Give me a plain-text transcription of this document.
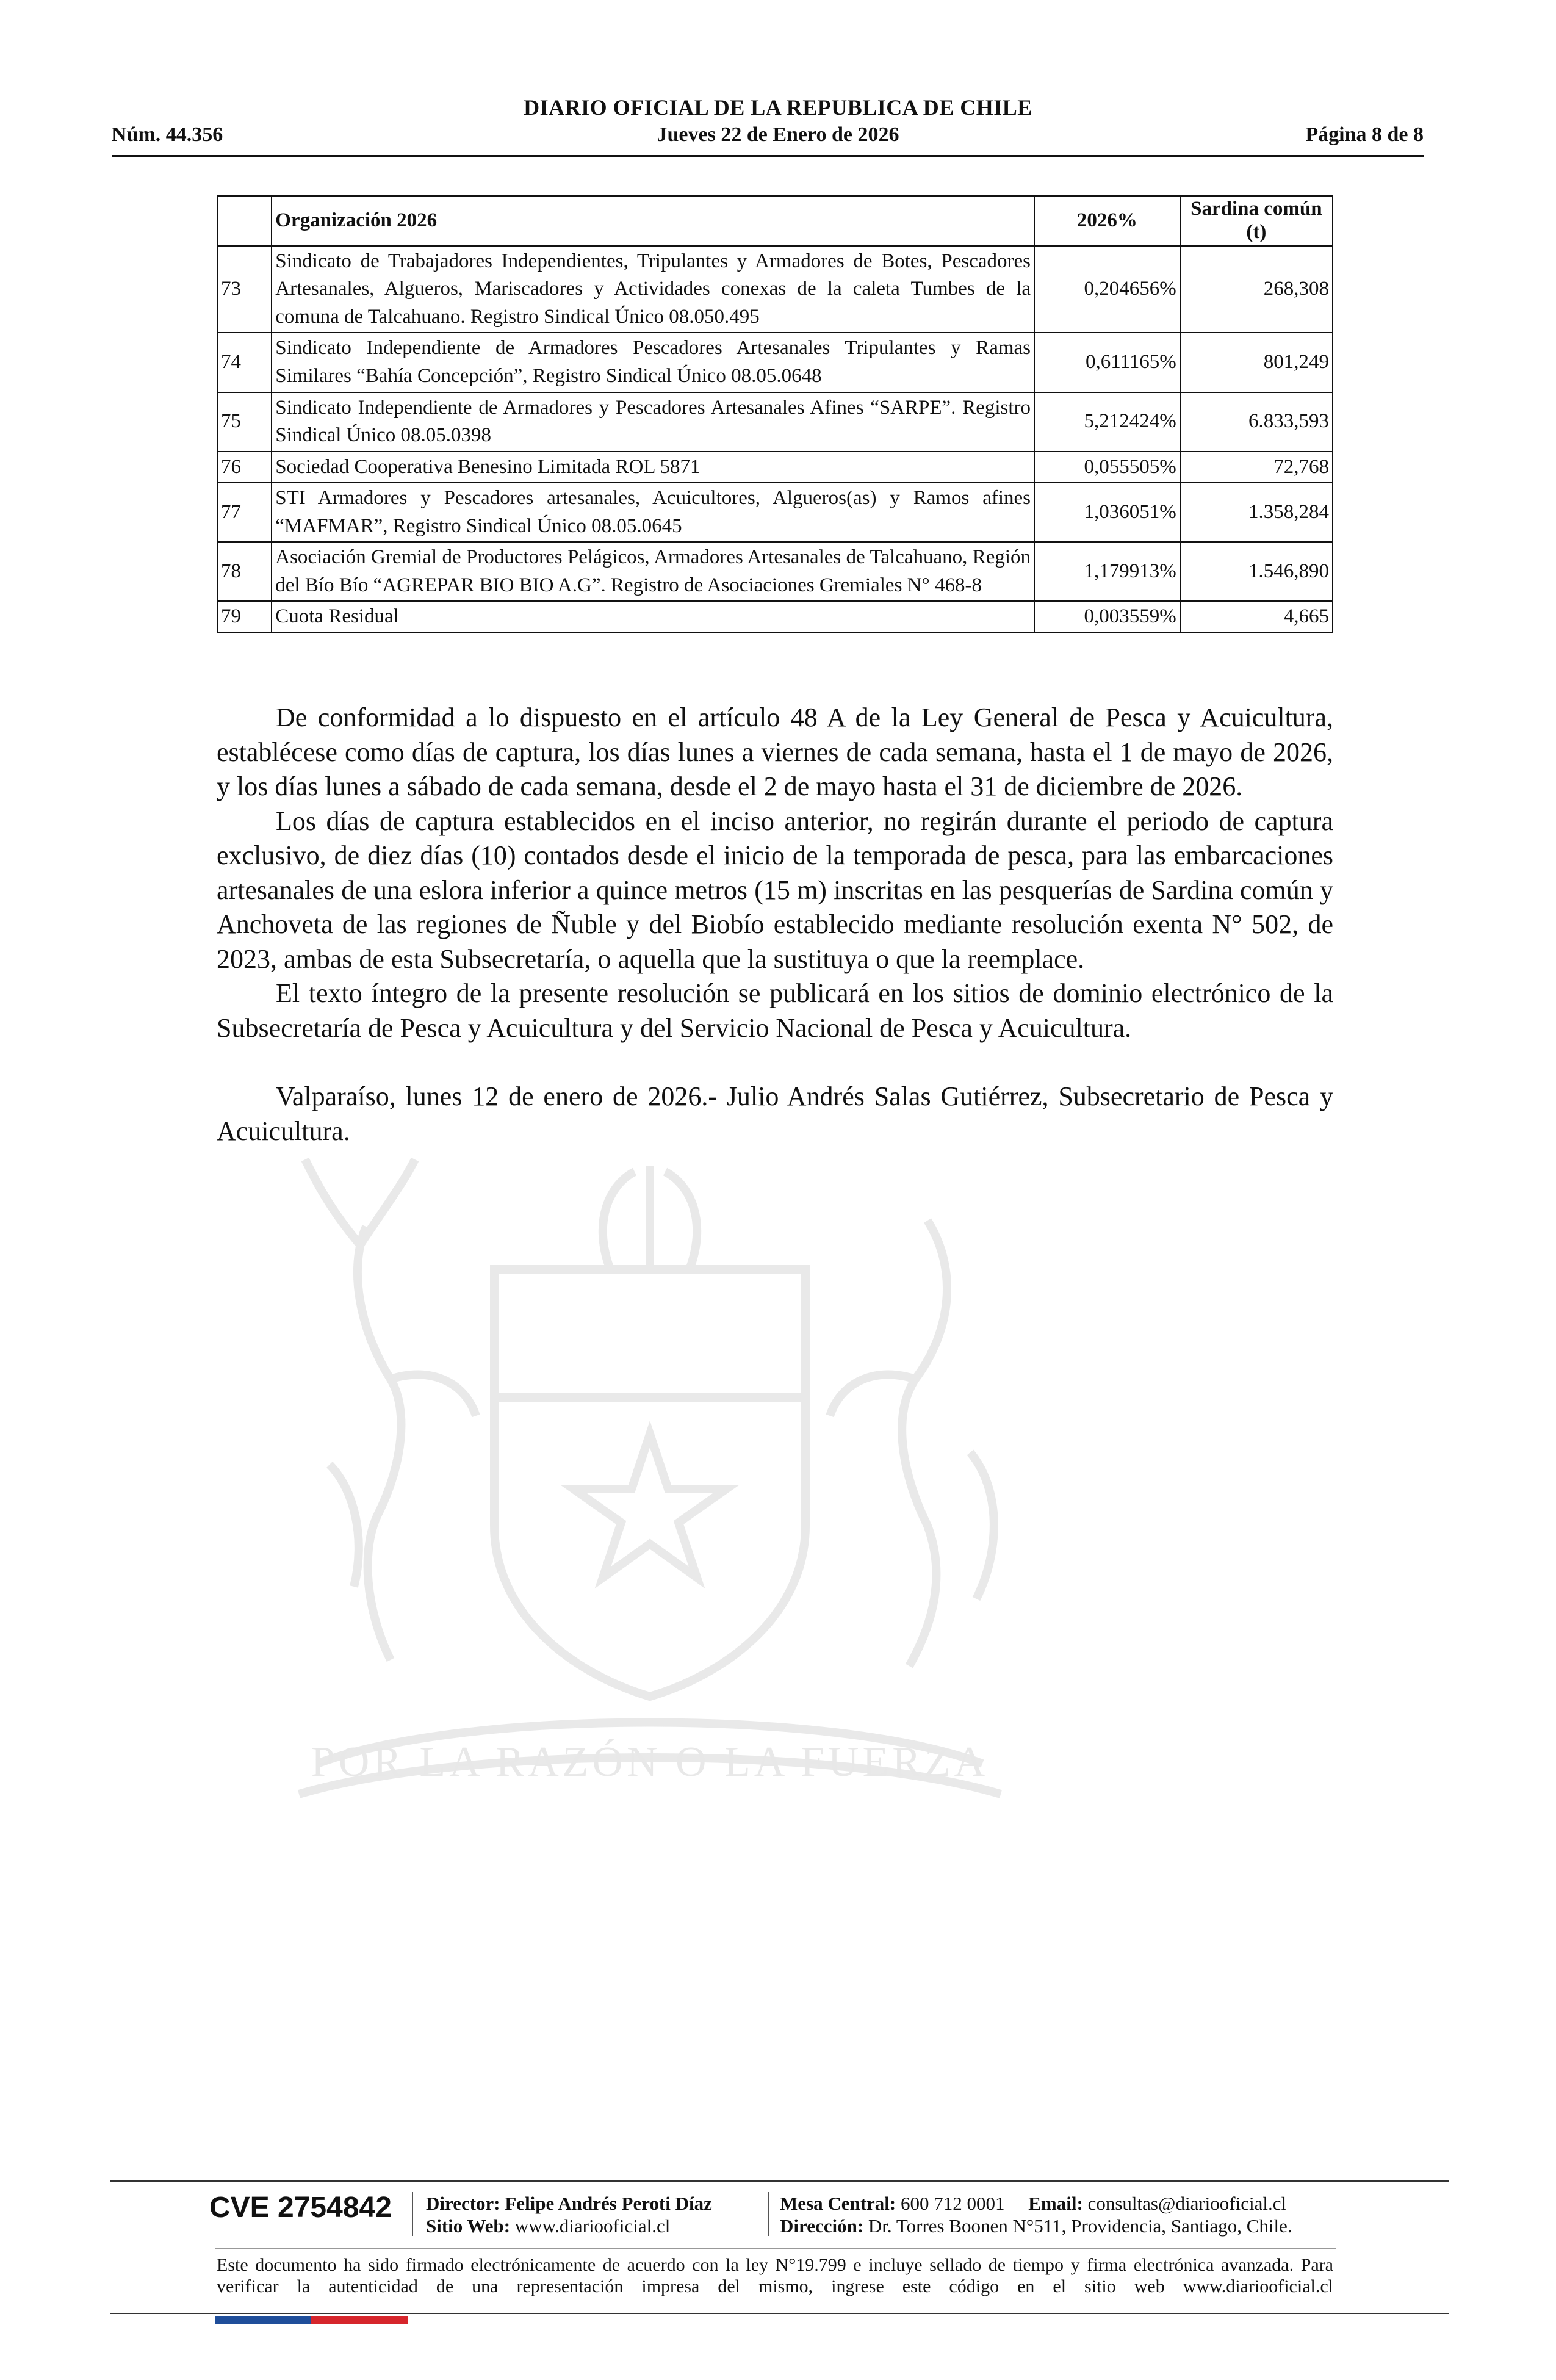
POR LA RAZÓN O LA FUERZA
DIARIO OFICIAL DE LA REPUBLICA DE CHILE
Núm. 44.356	Jueves 22 de Enero de 2026	Página 8 de 8
	Organización 2026	2026%	Sardina común (t)
73	Sindicato de Trabajadores Independientes, Tripulantes y Armadores de Botes, Pescadores Artesanales, Algueros, Mariscadores y Actividades conexas de la caleta Tumbes de la comuna de Talcahuano. Registro Sindical Único 08.050.495	0,204656%	268,308
74	Sindicato Independiente de Armadores Pescadores Artesanales Tripulantes y Ramas Similares “Bahía Concepción”, Registro Sindical Único 08.05.0648	0,611165%	801,249
75	Sindicato Independiente de Armadores y Pescadores Artesanales Afines “SARPE”. Registro Sindical Único 08.05.0398	5,212424%	6.833,593
76	Sociedad Cooperativa Benesino Limitada ROL 5871	0,055505%	72,768
77	STI Armadores y Pescadores artesanales, Acuicultores, Algueros(as) y Ramos afines “MAFMAR”, Registro Sindical Único 08.05.0645	1,036051%	1.358,284
78	Asociación Gremial de Productores Pelágicos, Armadores Artesanales de Talcahuano, Región del Bío Bío “AGREPAR BIO BIO A.G”. Registro de Asociaciones Gremiales N° 468-8	1,179913%	1.546,890
79	Cuota Residual	0,003559%	4,665

De conformidad a lo dispuesto en el artículo 48 A de la Ley General de Pesca y Acuicultura, establécese como días de captura, los días lunes a viernes de cada semana, hasta el 1 de mayo de 2026, y los días lunes a sábado de cada semana, desde el 2 de mayo hasta el 31 de diciembre de 2026.

Los días de captura establecidos en el inciso anterior, no regirán durante el periodo de captura exclusivo, de diez días (10) contados desde el inicio de la temporada de pesca, para las embarcaciones artesanales de una eslora inferior a quince metros (15 m) inscritas en las pesquerías de Sardina común y Anchoveta de las regiones de Ñuble y del Biobío establecido mediante resolución exenta N° 502, de 2023, ambas de esta Subsecretaría, o aquella que la sustituya o que la reemplace.

El texto íntegro de la presente resolución se publicará en los sitios de dominio electrónico de la Subsecretaría de Pesca y Acuicultura y del Servicio Nacional de Pesca y Acuicultura.

Valparaíso, lunes 12 de enero de 2026.- Julio Andrés Salas Gutiérrez, Subsecretario de Pesca y Acuicultura.

CVE 2754842 Director: Felipe Andrés Peroti Díaz
Sitio Web: www.diariooficial.cl
Mesa Central: 600 712 0001 Email: consultas@diariooficial.cl
Dirección: Dr. Torres Boonen N°511, Providencia, Santiago, Chile.
Este documento ha sido firmado electrónicamente de acuerdo con la ley N°19.799 e incluye sellado de tiempo y firma electrónica avanzada. Para verificar la autenticidad de una representación impresa del mismo, ingrese este código en el sitio web www.diariooficial.cl
